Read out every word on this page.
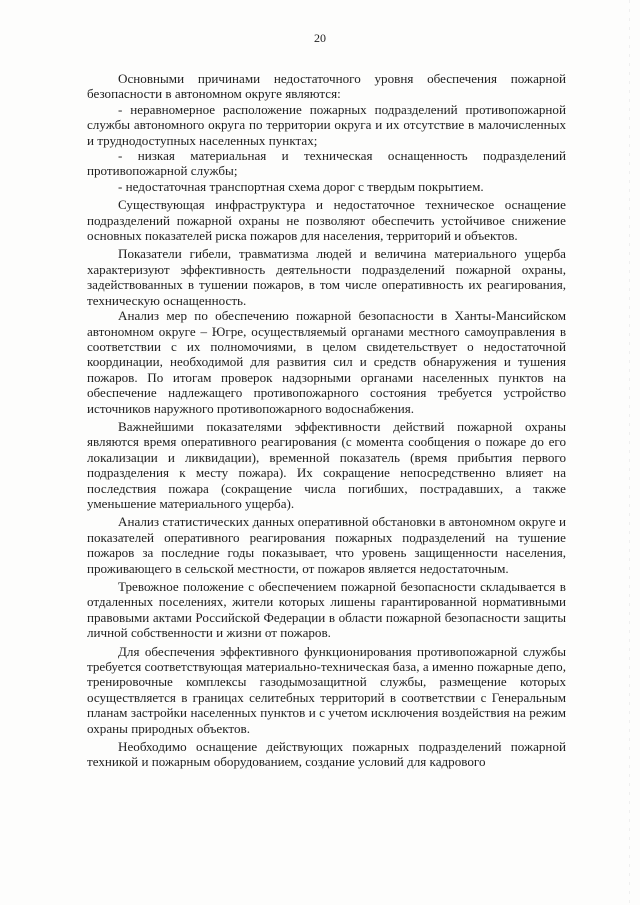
20

Основными причинами недостаточного уровня обеспечения пожарной безопасности в автономном округе являются:

- неравномерное расположение пожарных подразделений противопожарной службы автономного округа по территории округа и их отсутствие в малочисленных и труднодоступных населенных пунктах;

- низкая материальная и техническая оснащенность подразделений противопожарной службы;

- недостаточная транспортная схема дорог с твердым покрытием.

Существующая инфраструктура и недостаточное техническое оснащение подразделений пожарной охраны не позволяют обеспечить устойчивое снижение основных показателей риска пожаров для населения, территорий и объектов.

Показатели гибели, травматизма людей и величина материального ущерба характеризуют эффективность деятельности подразделений пожарной охраны, задействованных в тушении пожаров, в том числе оперативность их реагирования, техническую оснащенность.

Анализ мер по обеспечению пожарной безопасности в Ханты-Мансийском автономном округе – Югре, осуществляемый органами местного самоуправления в соответствии с их полномочиями, в целом свидетельствует о недостаточной координации, необходимой для развития сил и средств обнаружения и тушения пожаров. По итогам проверок надзорными органами населенных пунктов на обеспечение надлежащего противопожарного состояния требуется устройство источников наружного противопожарного водоснабжения.

Важнейшими показателями эффективности действий пожарной охраны являются время оперативного реагирования (с момента сообщения о пожаре до его локализации и ликвидации), временной показатель (время прибытия первого подразделения к месту пожара). Их сокращение непосредственно влияет на последствия пожара (сокращение числа погибших, пострадавших, а также уменьшение материального ущерба).

Анализ статистических данных оперативной обстановки в автономном округе и показателей оперативного реагирования пожарных подразделений на тушение пожаров за последние годы показывает, что уровень защищенности населения, проживающего в сельской местности, от пожаров является недостаточным.

Тревожное положение с обеспечением пожарной безопасности складывается в отдаленных поселениях, жители которых лишены гарантированной нормативными правовыми актами Российской Федерации в области пожарной безопасности защиты личной собственности и жизни от пожаров.

Для обеспечения эффективного функционирования противопожарной службы требуется соответствующая материально-техническая база, а именно пожарные депо, тренировочные комплексы газодымозащитной службы, размещение которых осуществляется в границах селитебных территорий в соответствии с Генеральным планам застройки населенных пунктов и с учетом исключения воздействия на режим охраны природных объектов.

Необходимо оснащение действующих пожарных подразделений пожарной техникой и пожарным оборудованием, создание условий для кадрового
